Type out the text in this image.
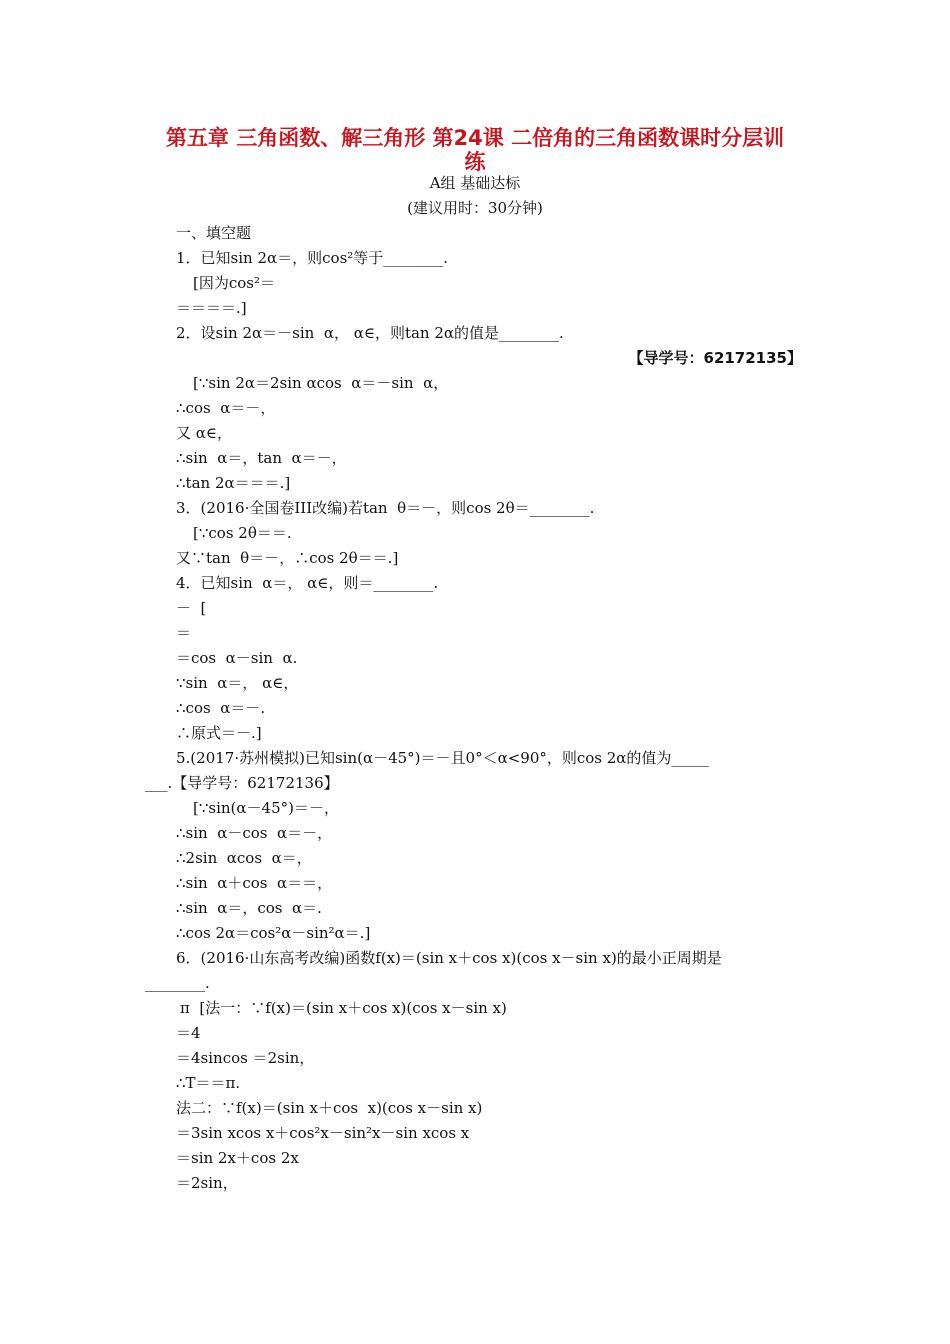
第五章 三角函数、解三角形 第24课 二倍角的三角函数课时分层训
练
A组 基础达标
(建议用时：30分钟)
一、填空题
1．已知sin 2α＝，则cos²等于________.
[因为cos²＝
＝＝＝＝.]
2．设sin 2α＝－sin  α， α∈，则tan 2α的值是________.
【导学号：62172135】
[∵sin 2α＝2sin αcos  α＝－sin  α，
∴cos  α＝－，
又 α∈，
∴sin  α＝，tan  α＝－，
∴tan 2α＝＝＝.]
3．(2016·全国卷III改编)若tan  θ＝－，则cos 2θ＝________.
[∵cos 2θ＝＝.
又∵tan  θ＝－，∴cos 2θ＝＝.]
4．已知sin  α＝， α∈，则＝________.
－  [
＝
＝cos  α－sin  α.
∵sin  α＝， α∈，
∴cos  α＝－.
∴原式＝－.]
5.(2017·苏州模拟)已知sin(α－45°)＝－且0°＜α<90°，则cos 2α的值为_____
___.【导学号：62172136】
[∵sin(α－45°)＝－，
∴sin  α－cos  α＝－，
∴2sin  αcos  α＝，
∴sin  α＋cos  α＝＝，
∴sin  α＝，cos  α＝.
∴cos 2α＝cos²α－sin²α＝.]
6．(2016·山东高考改编)函数f(x)＝(sin x＋cos x)(cos x－sin x)的最小正周期是
________.
π  [法一：∵f(x)＝(sin x＋cos x)(cos x－sin x)
＝4
＝4sincos ＝2sin，
∴T＝＝π.
法二：∵f(x)＝(sin x＋cos  x)(cos x－sin x)
＝3sin xcos x＋cos²x－sin²x－sin xcos x
＝sin 2x＋cos 2x
＝2sin，
